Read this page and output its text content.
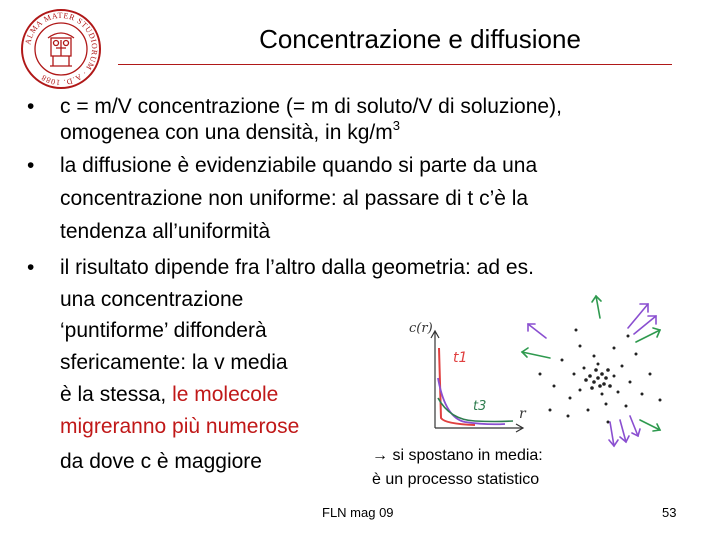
ALMA MATER STUDIORUM · A.D. 1088
Concentrazione e diffusione
• c = m/V concentrazione (= m di soluto/V di soluzione),
omogenea con una densità, in $kg/m^3$
• la diffusione è evidenziabile quando si parte da una
concentrazione non uniforme: al passare di t c’è la
tendenza all’uniformità
• il risultato dipende fra l’altro dalla geometria: ad es.
una concentrazione
‘puntiforme’ diffonderà
sfericamente: la v media
è la stessa, le molecole
migreranno più numerose
da dove c è maggiore
c(r)
r
t1
t3
→ si spostano in media:
è un processo statistico
FLN mag 09	53
